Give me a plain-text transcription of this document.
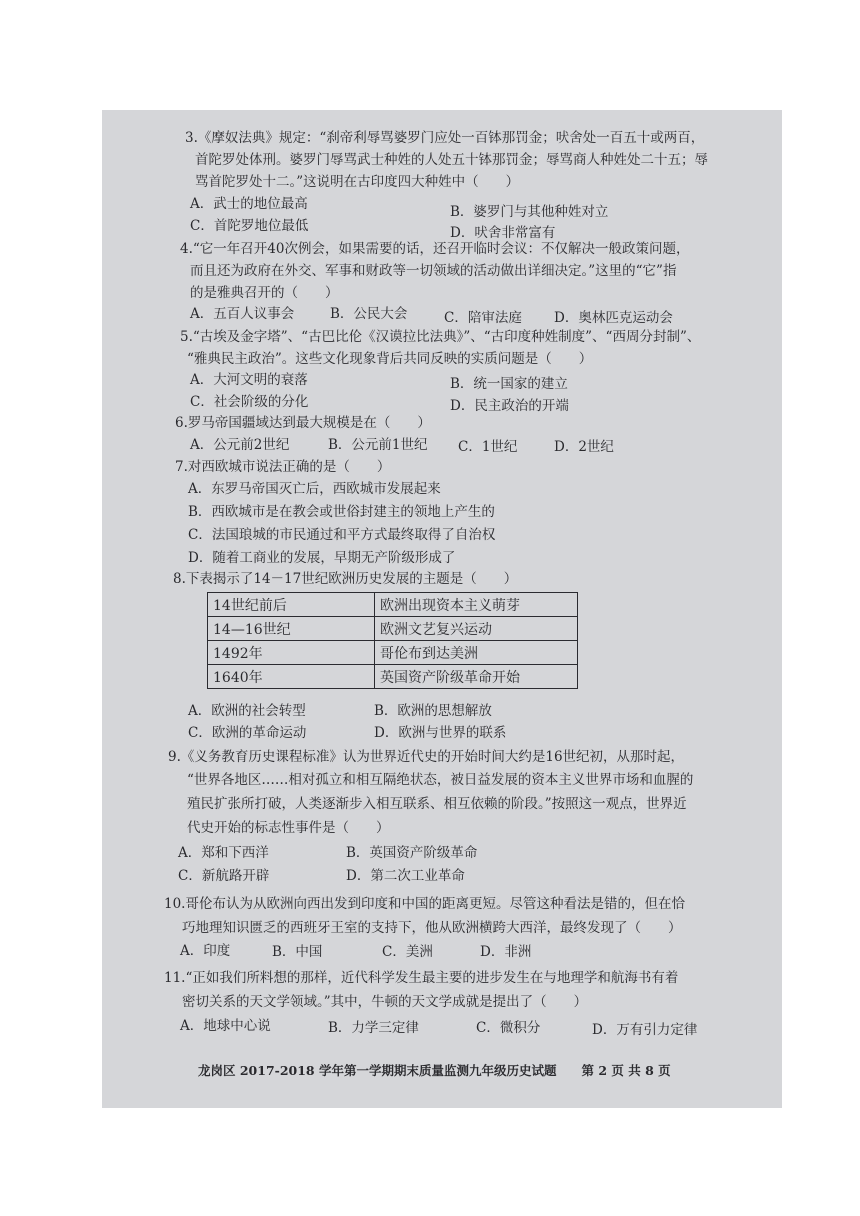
3.《摩奴法典》规定：“刹帝利辱骂婆罗门应处一百钵那罚金；吠舍处一百五十或两百，
首陀罗处体刑。婆罗门辱骂武士种姓的人处五十钵那罚金；辱骂商人种姓处二十五；辱
骂首陀罗处十二。”这说明在古印度四大种姓中（　　）
A．武士的地位最高	B．婆罗门与其他种姓对立
C．首陀罗地位最低	D．吠舍非常富有
4.“它一年召开40次例会，如果需要的话，还召开临时会议：不仅解决一般政策问题，
而且还为政府在外交、军事和财政等一切领域的活动做出详细决定。”这里的“它”指
的是雅典召开的（　　）
A．五百人议事会	B．公民大会	C．陪审法庭 D．奥林匹克运动会
5.“古埃及金字塔”、“古巴比伦《汉谟拉比法典》”、“古印度种姓制度”、“西周分封制”、
“雅典民主政治”。这些文化现象背后共同反映的实质问题是（　　）
A．大河文明的衰落	B．统一国家的建立
C．社会阶级的分化	D．民主政治的开端
6.罗马帝国疆域达到最大规模是在（　　）
A．公元前2世纪	B．公元前1世纪 C．1世纪	D．2世纪
7.对西欧城市说法正确的是（　　）
A．东罗马帝国灭亡后，西欧城市发展起来
B．西欧城市是在教会或世俗封建主的领地上产生的
C．法国琅城的市民通过和平方式最终取得了自治权
D．随着工商业的发展，早期无产阶级形成了
8.下表揭示了14－17世纪欧洲历史发展的主题是（　　）
14世纪前后	欧洲出现资本主义萌芽
14—16世纪	欧洲文艺复兴运动
1492年	哥伦布到达美洲
1640年	英国资产阶级革命开始
A．欧洲的社会转型	B．欧洲的思想解放
C．欧洲的革命运动	D．欧洲与世界的联系
9.《义务教育历史课程标准》认为世界近代史的开始时间大约是16世纪初，从那时起，
“世界各地区……相对孤立和相互隔绝状态，被日益发展的资本主义世界市场和血腥的
殖民扩张所打破，人类逐渐步入相互联系、相互依赖的阶段。”按照这一观点，世界近
代史开始的标志性事件是（　　）
A．郑和下西洋	B．英国资产阶级革命
C．新航路开辟	D．第二次工业革命
10.哥伦布认为从欧洲向西出发到印度和中国的距离更短。尽管这种看法是错的，但在恰
巧地理知识匮乏的西班牙王室的支持下，他从欧洲横跨大西洋，最终发现了（　　）
A．印度	B．中国	C．美洲	D．非洲
11.“正如我们所料想的那样，近代科学发生最主要的进步发生在与地理学和航海书有着
密切关系的天文学领域。”其中，牛顿的天文学成就是提出了（　　）
A．地球中心说	B．力学三定律	C．微积分	D．万有引力定律
龙岗区 2017-2018 学年第一学期期末质量监测九年级历史试题　　第 2 页 共 8 页
